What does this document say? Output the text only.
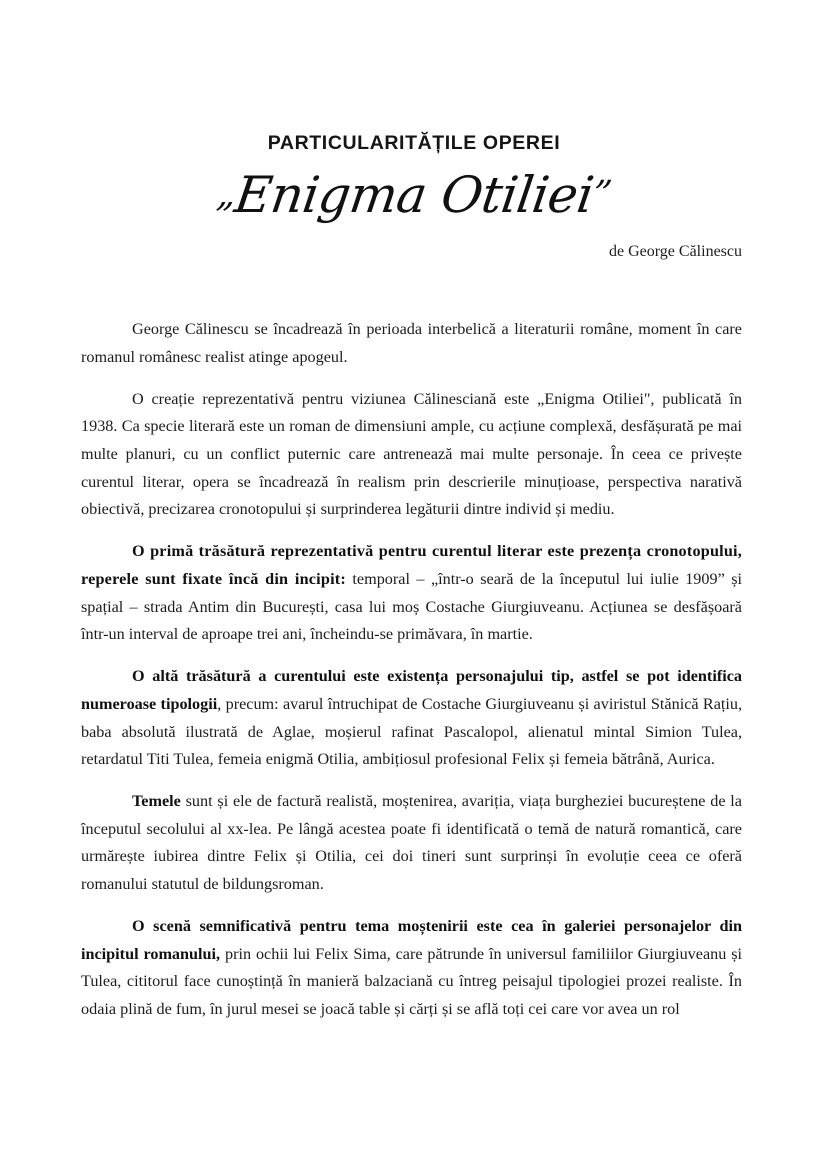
PARTICULARITĂȚILE OPEREI
„Enigma Otiliei”
de George Călinescu

George Călinescu se încadrează în perioada interbelică a literaturii române, moment în care romanul românesc realist atinge apogeul.

O creație reprezentativă pentru viziunea Călinesciană este „Enigma Otiliei", publicată în 1938. Ca specie literară este un roman de dimensiuni ample, cu acțiune complexă, desfășurată pe mai multe planuri, cu un conflict puternic care antrenează mai multe personaje. În ceea ce privește curentul literar, opera se încadrează în realism prin descrierile minuțioase, perspectiva narativă obiectivă, precizarea cronotopului și surprinderea legăturii dintre individ și mediu.

O primă trăsătură reprezentativă pentru curentul literar este prezența cronotopului, reperele sunt fixate încă din incipit: temporal – „într-o seară de la începutul lui iulie 1909” și spațial – strada Antim din București, casa lui moș Costache Giurgiuveanu. Acțiunea se desfășoară într-un interval de aproape trei ani, încheindu-se primăvara, în martie.

O altă trăsătură a curentului este existența personajului tip, astfel se pot identifica numeroase tipologii, precum: avarul întruchipat de Costache Giurgiuveanu și aviristul Stănică Rațiu, baba absolută ilustrată de Aglae, moșierul rafinat Pascalopol, alienatul mintal Simion Tulea, retardatul Titi Tulea, femeia enigmă Otilia, ambițiosul profesional Felix și femeia bătrână, Aurica.

Temele sunt și ele de factură realistă, moștenirea, avariția, viața burgheziei bucureștene de la începutul secolului al xx-lea. Pe lângă acestea poate fi identificată o temă de natură romantică, care urmărește iubirea dintre Felix și Otilia, cei doi tineri sunt surprinși în evoluție ceea ce oferă romanului statutul de bildungsroman.

O scenă semnificativă pentru tema moștenirii este cea în galeriei personajelor din incipitul romanului, prin ochii lui Felix Sima, care pătrunde în universul familiilor Giurgiuveanu și Tulea, cititorul face cunoștință în manieră balzaciană cu întreg peisajul tipologiei prozei realiste. În odaia plină de fum, în jurul mesei se joacă table și cărți și se află toți cei care vor avea un rol
